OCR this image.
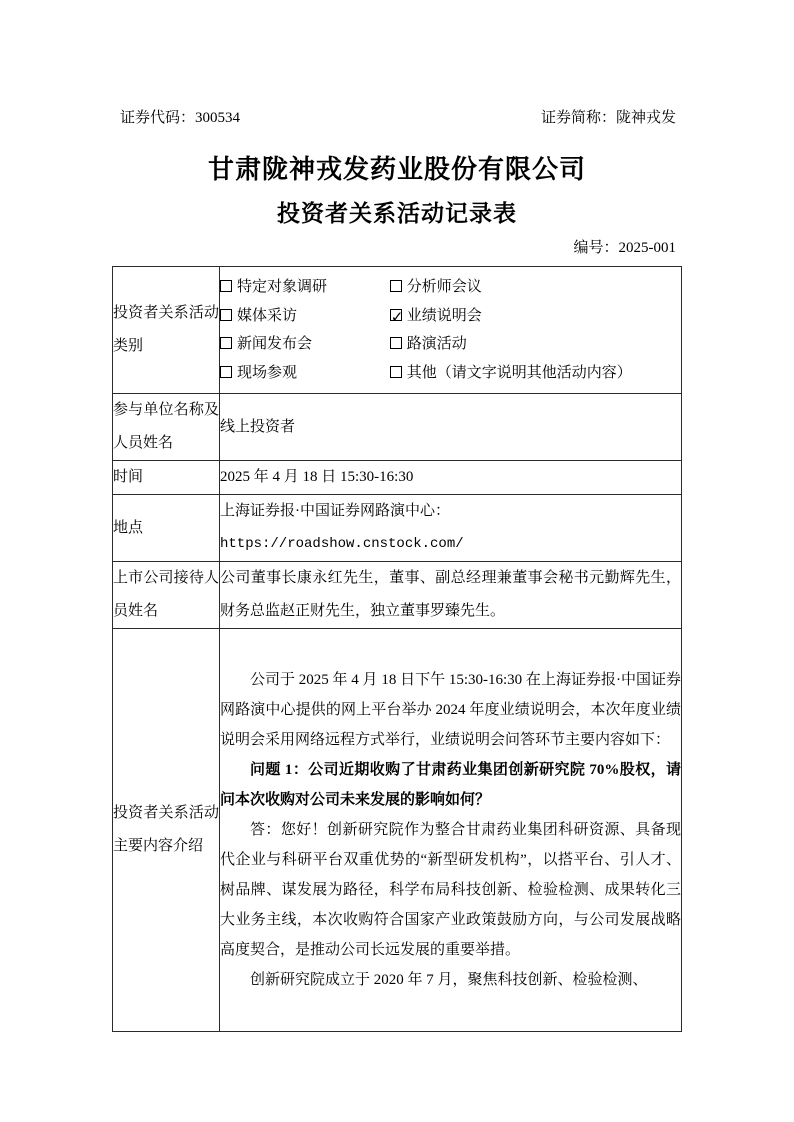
证券代码：300534	证券简称：陇神戎发
甘肃陇神戎发药业股份有限公司
投资者关系活动记录表
编号：2025-001
投资者关系活动类别	特定对象调研 分析师会议
媒体采访 ✓ 业绩说明会
新闻发布会 路演活动
现场参观 其他（请文字说明其他活动内容）

参与单位名称及人员姓名	线上投资者
时间	2025 年 4 月 18 日 15:30-16:30
地点	上海证券报·中国证券网路演中心：
https://roadshow.cnstock.com/

上市公司接待人员姓名	公司董事长康永红先生，董事、副总经理兼董事会秘书元勤辉先生，财务总监赵正财先生，独立董事罗臻先生。
投资者关系活动主要内容介绍	公司于 2025 年 4 月 18 日下午 15:30-16:30 在上海证券报·中国证券网路演中心提供的网上平台举办 2024 年度业绩说明会，本次年度业绩说明会采用网络远程方式举行，业绩说明会问答环节主要内容如下：

问题 1：公司近期收购了甘肃药业集团创新研究院 70%股权，请问本次收购对公司未来发展的影响如何？

答：您好！创新研究院作为整合甘肃药业集团科研资源、具备现代企业与科研平台双重优势的“新型研发机构”，以搭平台、引人才、树品牌、谋发展为路径，科学布局科技创新、检验检测、成果转化三大业务主线，本次收购符合国家产业政策鼓励方向，与公司发展战略高度契合，是推动公司长远发展的重要举措。

创新研究院成立于 2020 年 7 月，聚焦科技创新、检验检测、
